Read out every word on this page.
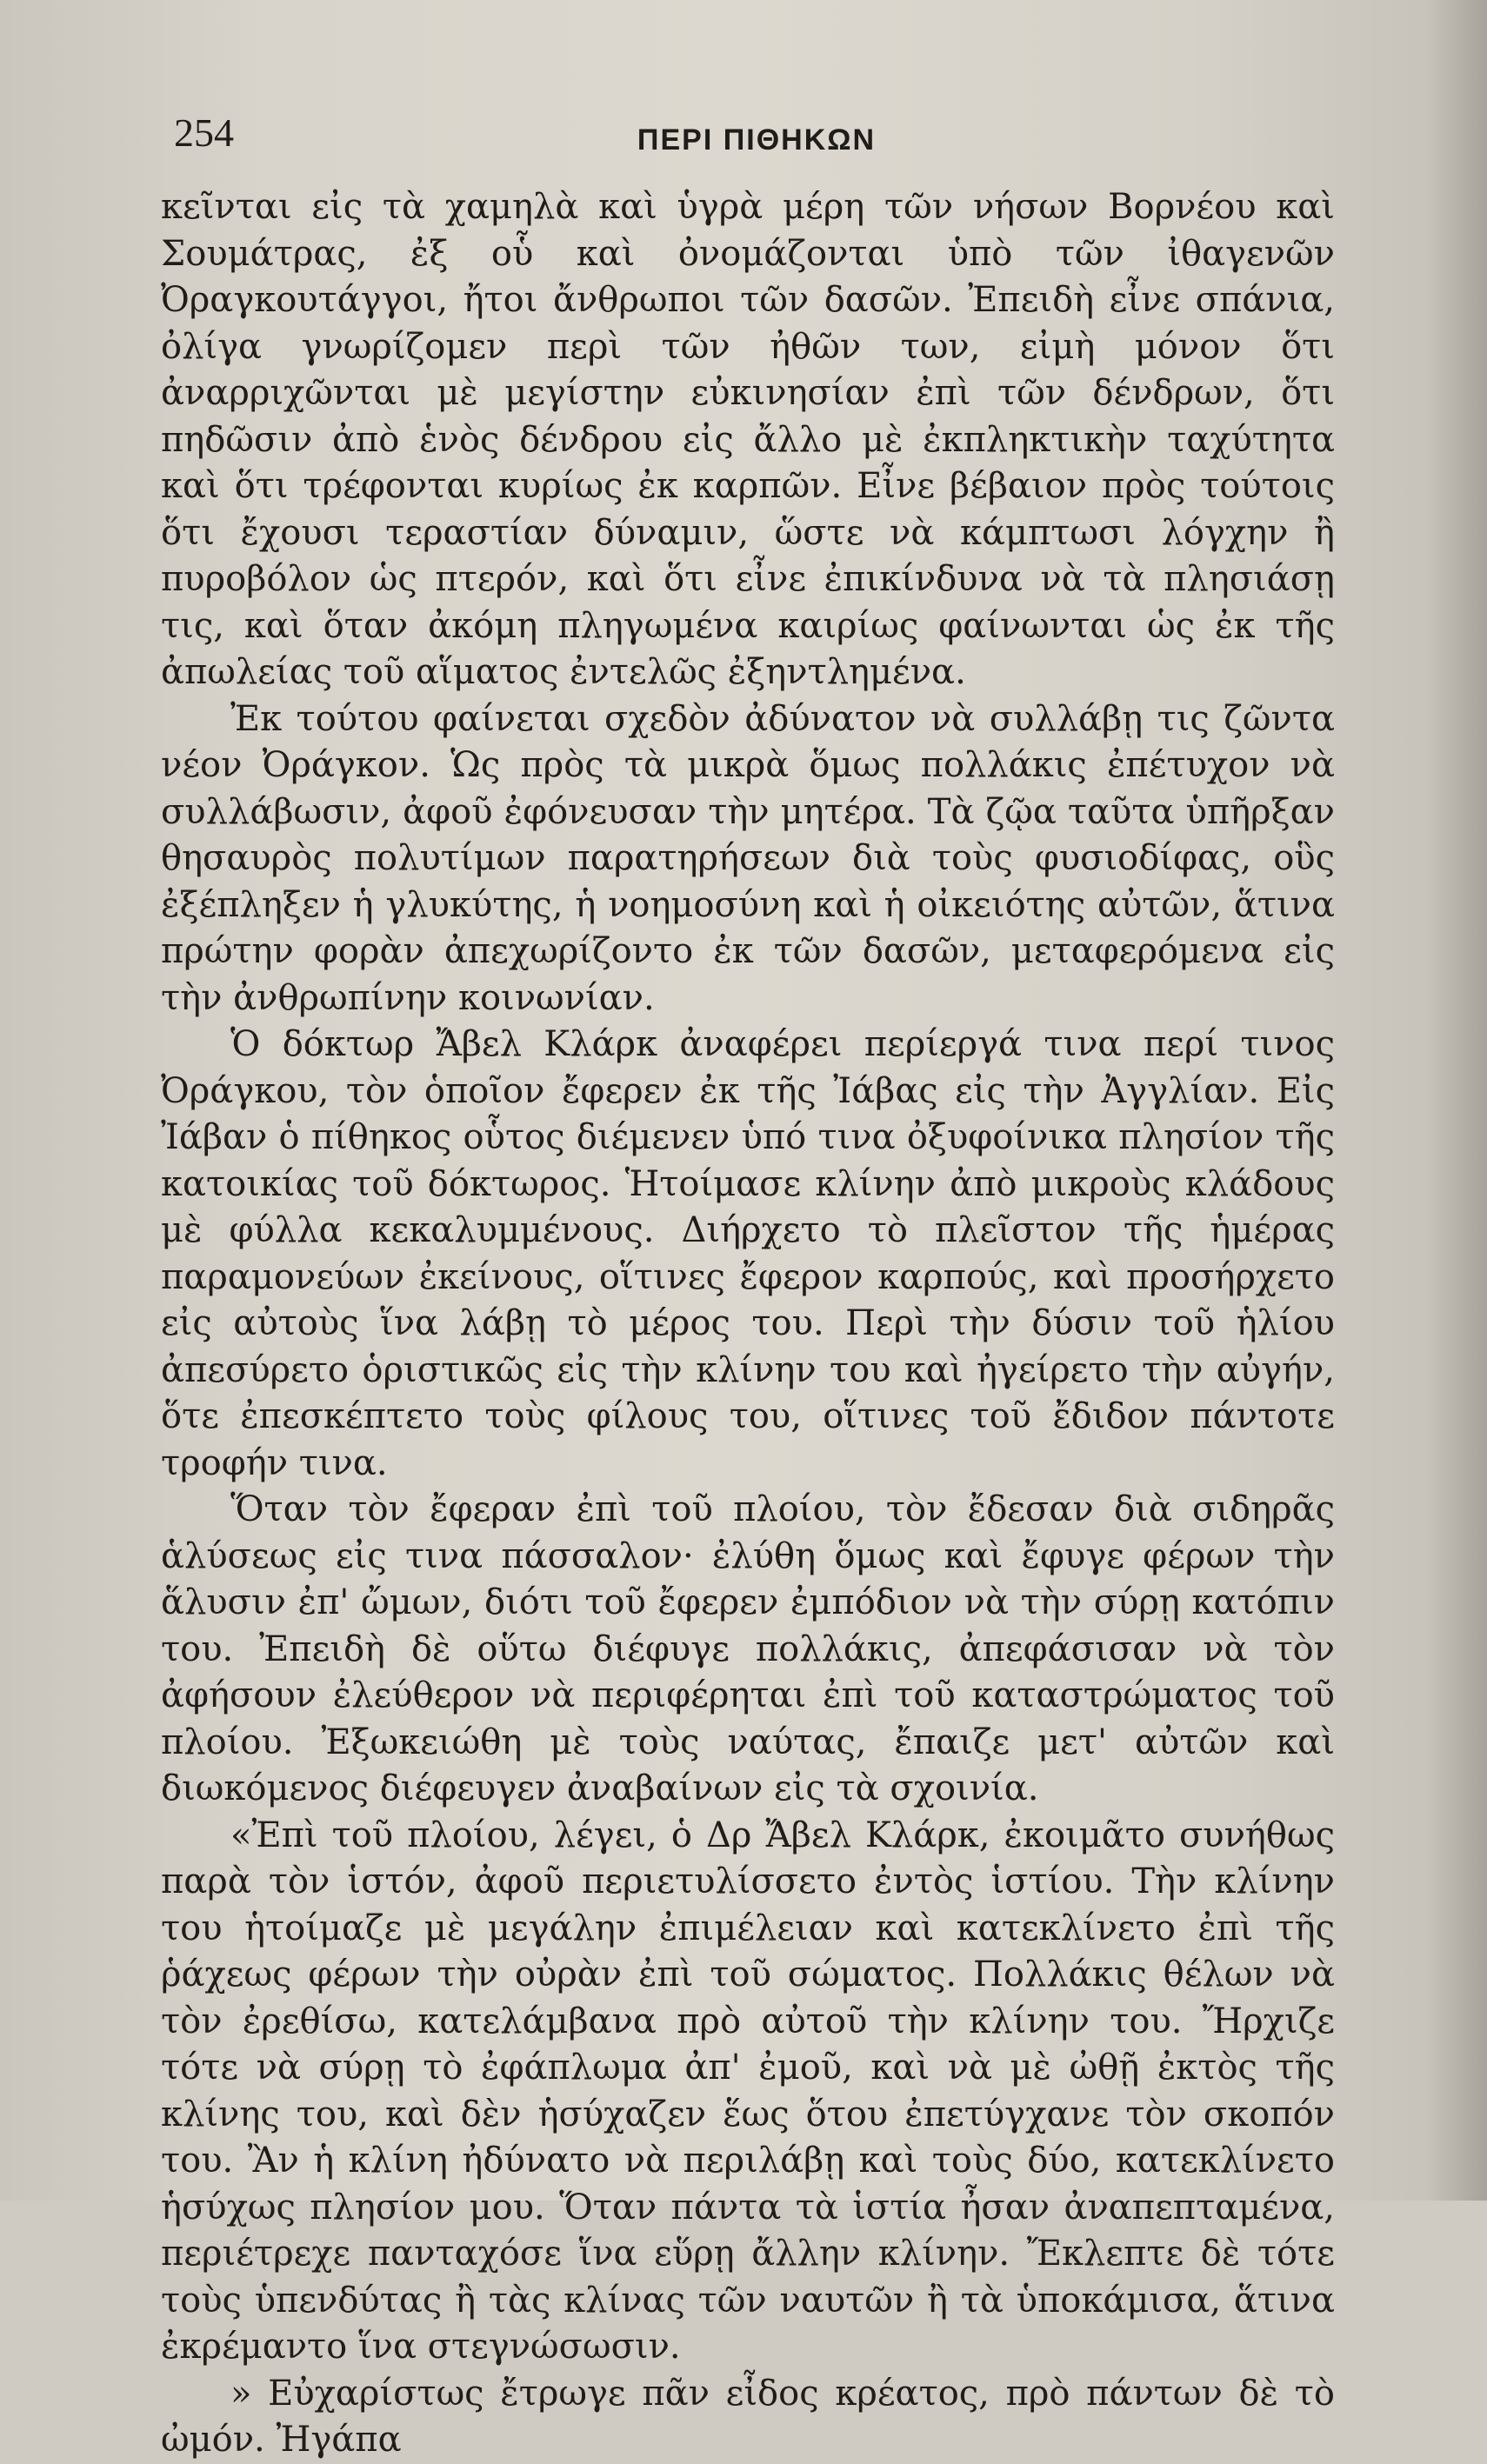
254	ΠΕΡΙ ΠΙΘΗΚΩΝ

κεῖνται εἰς τὰ χαμηλὰ καὶ ὑγρὰ μέρη τῶν νήσων Βορνέου καὶ Σουμάτρας, ἐξ οὗ καὶ ὀνομάζονται ὑπὸ τῶν ἰθαγενῶν Ὀραγκουτάγγοι, ἤτοι ἄνθρωποι τῶν δασῶν. Ἐπειδὴ εἶνε σπάνια, ὀλίγα γνωρίζομεν περὶ τῶν ἠθῶν των, εἰμὴ μόνον ὅτι ἀναρριχῶνται μὲ μεγίστην εὐκινησίαν ἐπὶ τῶν δένδρων, ὅτι πηδῶσιν ἀπὸ ἑνὸς δένδρου εἰς ἄλλο μὲ ἐκπληκτικὴν ταχύτητα καὶ ὅτι τρέφονται κυρίως ἐκ καρπῶν. Εἶνε βέβαιον πρὸς τούτοις ὅτι ἔχουσι τεραστίαν δύναμιν, ὥστε νὰ κάμπτωσι λόγχην ἢ πυροβόλον ὡς πτερόν, καὶ ὅτι εἶνε ἐπικίνδυνα νὰ τὰ πλησιάσῃ τις, καὶ ὅταν ἀκόμη πληγωμένα καιρίως φαίνωνται ὡς ἐκ τῆς ἀπωλείας τοῦ αἵματος ἐντελῶς ἐξηντλημένα.

Ἐκ τούτου φαίνεται σχεδὸν ἀδύνατον νὰ συλλάβῃ τις ζῶντα νέον Ὀράγκον. Ὡς πρὸς τὰ μικρὰ ὅμως πολλάκις ἐπέτυχον νὰ συλλάβωσιν, ἀφοῦ ἐφόνευσαν τὴν μητέρα. Τὰ ζῷα ταῦτα ὑπῆρξαν θησαυρὸς πολυτίμων παρατηρήσεων διὰ τοὺς φυσιοδίφας, οὓς ἐξέπληξεν ἡ γλυκύτης, ἡ νοημοσύνη καὶ ἡ οἰκειότης αὐτῶν, ἅτινα πρώτην φορὰν ἀπεχωρίζοντο ἐκ τῶν δασῶν, μεταφερόμενα εἰς τὴν ἀνθρωπίνην κοινωνίαν.

Ὁ δόκτωρ Ἄβελ Κλάρκ ἀναφέρει περίεργά τινα περί τινος Ὀράγκου, τὸν ὁποῖον ἔφερεν ἐκ τῆς Ἰάβας εἰς τὴν Ἀγγλίαν. Εἰς Ἰάβαν ὁ πίθηκος οὗτος διέμενεν ὑπό τινα ὀξυφοίνικα πλησίον τῆς κατοικίας τοῦ δόκτωρος. Ἡτοίμασε κλίνην ἀπὸ μικροὺς κλάδους μὲ φύλλα κεκαλυμμένους. Διήρχετο τὸ πλεῖστον τῆς ἡμέρας παραμονεύων ἐκείνους, οἵτινες ἔφερον καρπούς, καὶ προσήρχετο εἰς αὐτοὺς ἵνα λάβῃ τὸ μέρος του. Περὶ τὴν δύσιν τοῦ ἡλίου ἀπεσύρετο ὁριστικῶς εἰς τὴν κλίνην του καὶ ἠγείρετο τὴν αὐγήν, ὅτε ἐπεσκέπτετο τοὺς φίλους του, οἵτινες τοῦ ἔδιδον πάντοτε τροφήν τινα.

Ὅταν τὸν ἔφεραν ἐπὶ τοῦ πλοίου, τὸν ἔδεσαν διὰ σιδηρᾶς ἁλύσεως εἰς τινα πάσσαλον· ἐλύθη ὅμως καὶ ἔφυγε φέρων τὴν ἅλυσιν ἐπ' ὤμων, διότι τοῦ ἔφερεν ἐμπόδιον νὰ τὴν σύρῃ κατόπιν του. Ἐπειδὴ δὲ οὕτω διέφυγε πολλάκις, ἀπεφάσισαν νὰ τὸν ἀφήσουν ἐλεύθερον νὰ περιφέρηται ἐπὶ τοῦ καταστρώματος τοῦ πλοίου. Ἐξωκειώθη μὲ τοὺς ναύτας, ἔπαιζε μετ' αὐτῶν καὶ διωκόμενος διέφευγεν ἀναβαίνων εἰς τὰ σχοινία.

«Ἐπὶ τοῦ πλοίου, λέγει, ὁ Δρ Ἄβελ Κλάρκ, ἐκοιμᾶτο συνήθως παρὰ τὸν ἱστόν, ἀφοῦ περιετυλίσσετο ἐντὸς ἱστίου. Τὴν κλίνην του ἡτοίμαζε μὲ μεγάλην ἐπιμέλειαν καὶ κατεκλίνετο ἐπὶ τῆς ῥάχεως φέρων τὴν οὐρὰν ἐπὶ τοῦ σώματος. Πολλάκις θέλων νὰ τὸν ἐρεθίσω, κατελάμβανα πρὸ αὐτοῦ τὴν κλίνην του. Ἤρχιζε τότε νὰ σύρῃ τὸ ἐφάπλωμα ἀπ' ἐμοῦ, καὶ νὰ μὲ ὠθῇ ἐκτὸς τῆς κλίνης του, καὶ δὲν ἡσύχαζεν ἕως ὅτου ἐπετύγχανε τὸν σκοπόν του. Ἂν ἡ κλίνη ἠδύνατο νὰ περιλάβῃ καὶ τοὺς δύο, κατεκλίνετο ἡσύχως πλησίον μου. Ὅταν πάντα τὰ ἱστία ἦσαν ἀναπεπταμένα, περιέτρεχε πανταχόσε ἵνα εὕρῃ ἄλλην κλίνην. Ἔκλεπτε δὲ τότε τοὺς ὑπενδύτας ἢ τὰς κλίνας τῶν ναυτῶν ἢ τὰ ὑποκάμισα, ἅτινα ἐκρέμαντο ἵνα στεγνώσωσιν.

» Εὐχαρίστως ἔτρωγε πᾶν εἶδος κρέατος, πρὸ πάντων δὲ τὸ ὠμόν. Ἠγάπα
